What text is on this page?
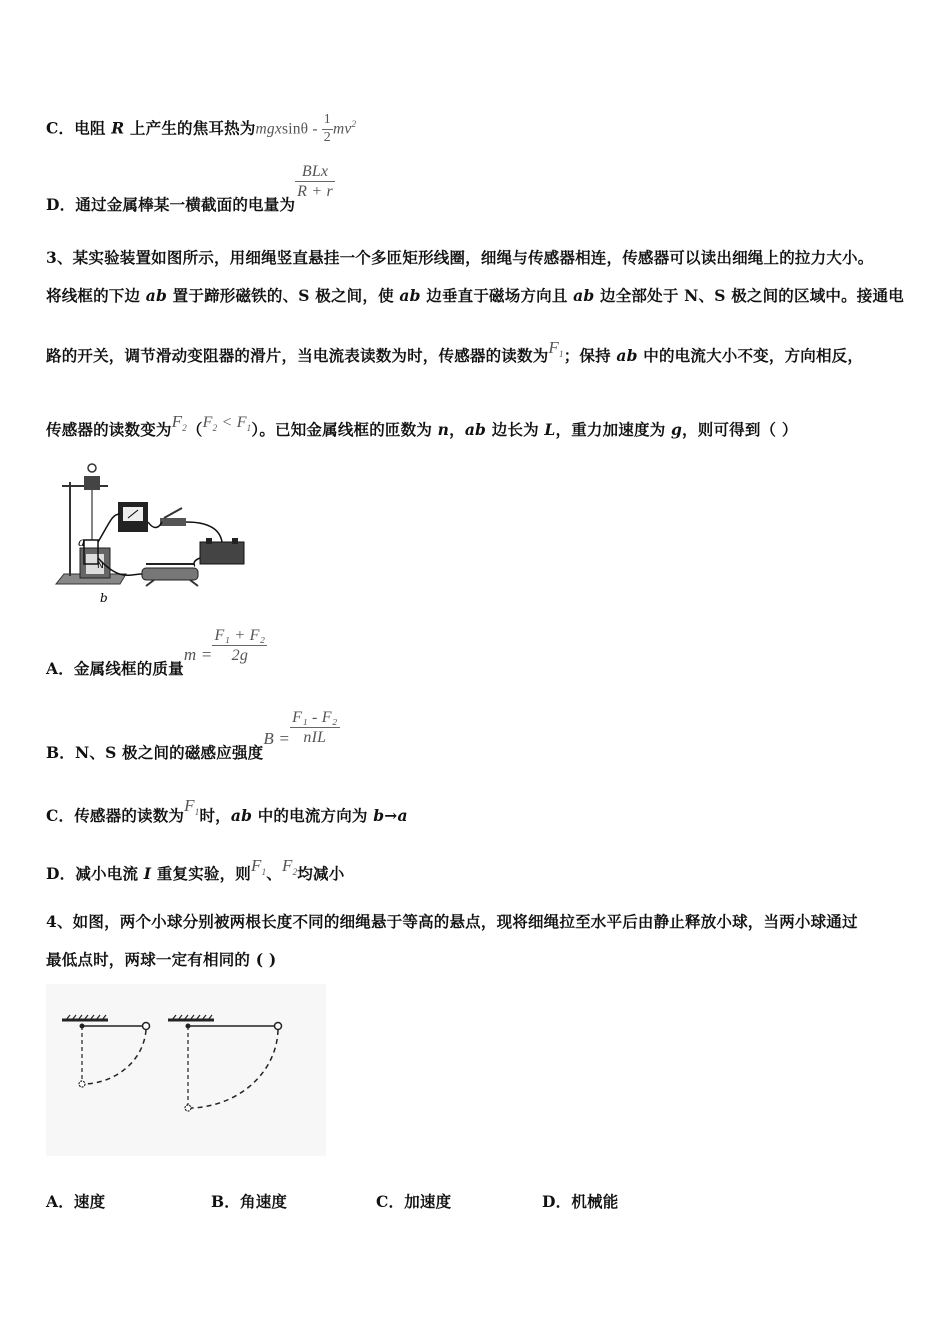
C．电阻 R 上产生的焦耳热为mgxsinθ - $\frac{1}{2} mv^2$
D．通过金属棒某一横截面的电量为
$\frac{\text{BLx}}{R + r}$
3、某实验装置如图所示，用细绳竖直悬挂一个多匝矩形线圈，细绳与传感器相连，传感器可以读出细绳上的拉力大小。
将线框的下边 ab 置于蹄形磁铁的、S 极之间，使 ab 边垂直于磁场方向且 ab 边全部处于 N、S 极之间的区域中。接通电
路的开关，调节滑动变阻器的滑片，当电流表读数为时，传感器的读数为$F_1$；保持 ab 中的电流大小不变，方向相反，
传感器的读数变为$F_2(F_2 < F_1)$。已知金属线框的匝数为 n，ab 边长为 L，重力加速度为 g，则可得到（ ）
N
a
b
A．金属线框的质量$m = \frac{\text{F₁ + F₂}}{2g}$
B．N、S 极之间的磁感应强度$B = \frac{\text{F₁ - F₂}}{\text{nIL}}$
C．传感器的读数为$F_1$时，ab 中的电流方向为 b→a
D．减小电流 I 重复实验，则$F_1$、$F_2$均减小
4、如图，两个小球分别被两根长度不同的细绳悬于等高的悬点，现将细绳拉至水平后由静止释放小球，当两小球通过
最低点时，两球一定有相同的 ( )
A．速度	B．角速度	C．加速度	D．机械能
